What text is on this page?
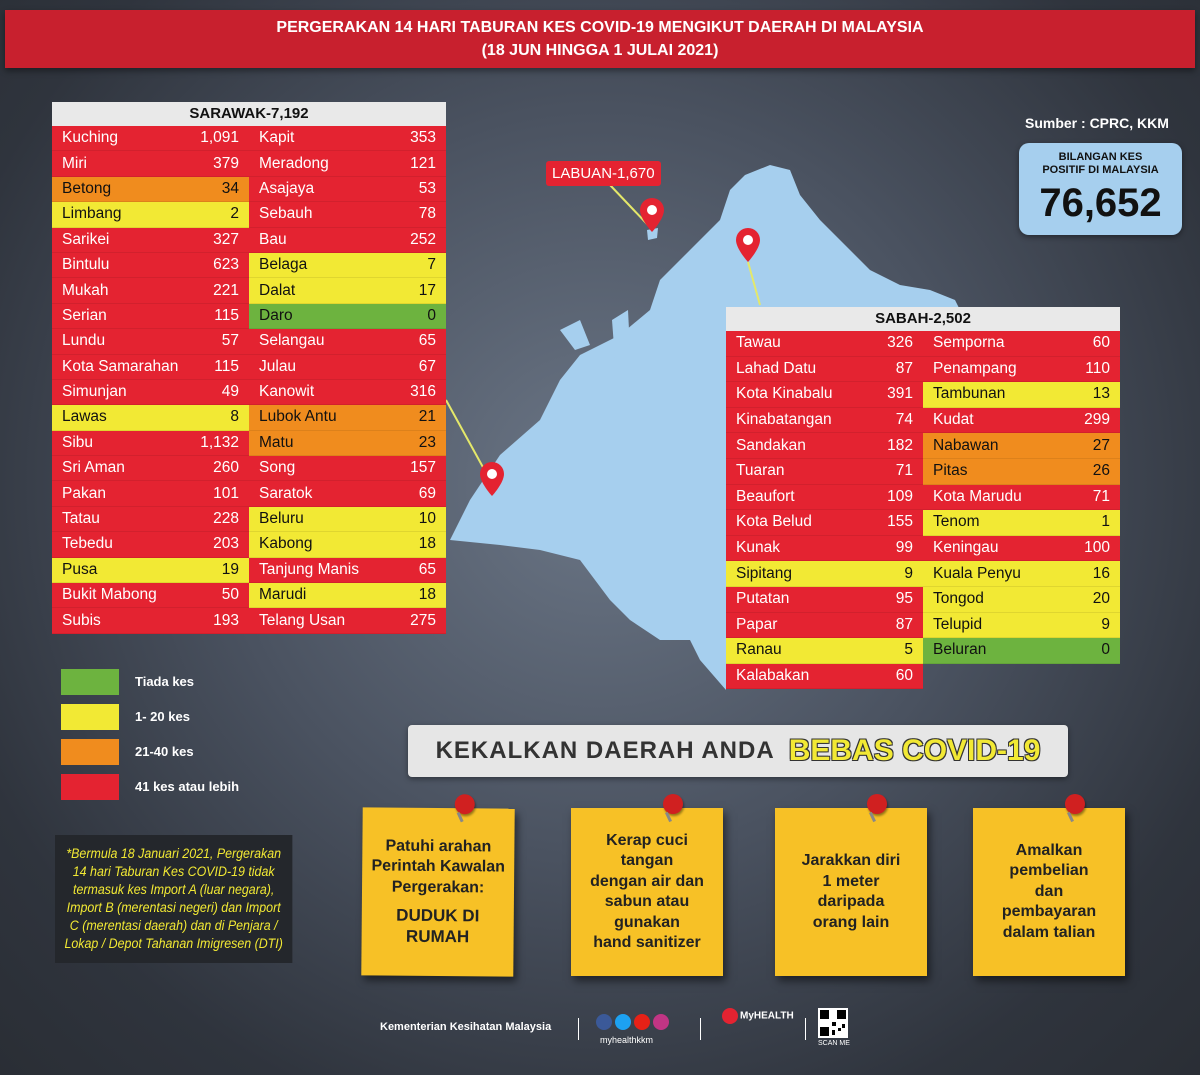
PERGERAKAN 14 HARI TABURAN KES COVID-19 MENGIKUT DAERAH DI MALAYSIA
(18 JUN HINGGA 1 JULAI 2021)
LABUAN-1,670
Sumber : CPRC, KKM
BILANGAN KES
POSITIF DI MALAYSIA
76,652
SARAWAK-7,192
Kuching	1,091
Miri	379
Betong	34
Limbang	2
Sarikei	327
Bintulu	623
Mukah	221
Serian	115
Lundu	57
Kota Samarahan 115
Simunjan	49
Lawas	8
Sibu	1,132
Sri Aman	260
Pakan	101
Tatau	228
Tebedu	203
Pusa	19
Bukit Mabong	50
Subis	193
Kapit	353
Meradong	121
Asajaya	53
Sebauh	78
Bau	252
Belaga	7
Dalat	17
Daro	0
Selangau	65
Julau	67
Kanowit	316
Lubok Antu	21
Matu	23
Song	157
Saratok	69
Beluru	10
Kabong	18
Tanjung Manis	65
Marudi	18
Telang Usan	275
SABAH-2,502
Tawau	326
Lahad Datu	87
Kota Kinabalu	391
Kinabatangan	74
Sandakan	182
Tuaran	71
Beaufort	109
Kota Belud	155
Kunak	99
Sipitang	9
Putatan	95
Papar	87
Ranau	5
Kalabakan	60
Semporna	60
Penampang	110
Tambunan	13
Kudat	299
Nabawan	27
Pitas	26
Kota Marudu	71
Tenom	1
Keningau	100
Kuala Penyu	16
Tongod	20
Telupid	9
Beluran	0
Tiada kes
1- 20 kes
21-40 kes
41 kes atau lebih
*Bermula 18 Januari 2021, Pergerakan 14 hari Taburan Kes COVID-19 tidak termasuk kes Import A (luar negara), Import B (merentasi negeri) dan Import C (merentasi daerah) dan di Penjara / Lokap / Depot Tahanan Imigresen (DTI)
KEKALKAN DAERAH ANDA BEBAS COVID-19
Patuhi arahan
Perintah Kawalan
Pergerakan:
DUDUK DI
RUMAH
Kerap cuci
tangan
dengan air dan
sabun atau
gunakan
hand sanitizer
Jarakkan diri
1 meter
daripada
orang lain
Amalkan
pembelian
dan
pembayaran
dalam talian
Kementerian Kesihatan Malaysia
myhealthkkm
MyHEALTH
SCAN ME
